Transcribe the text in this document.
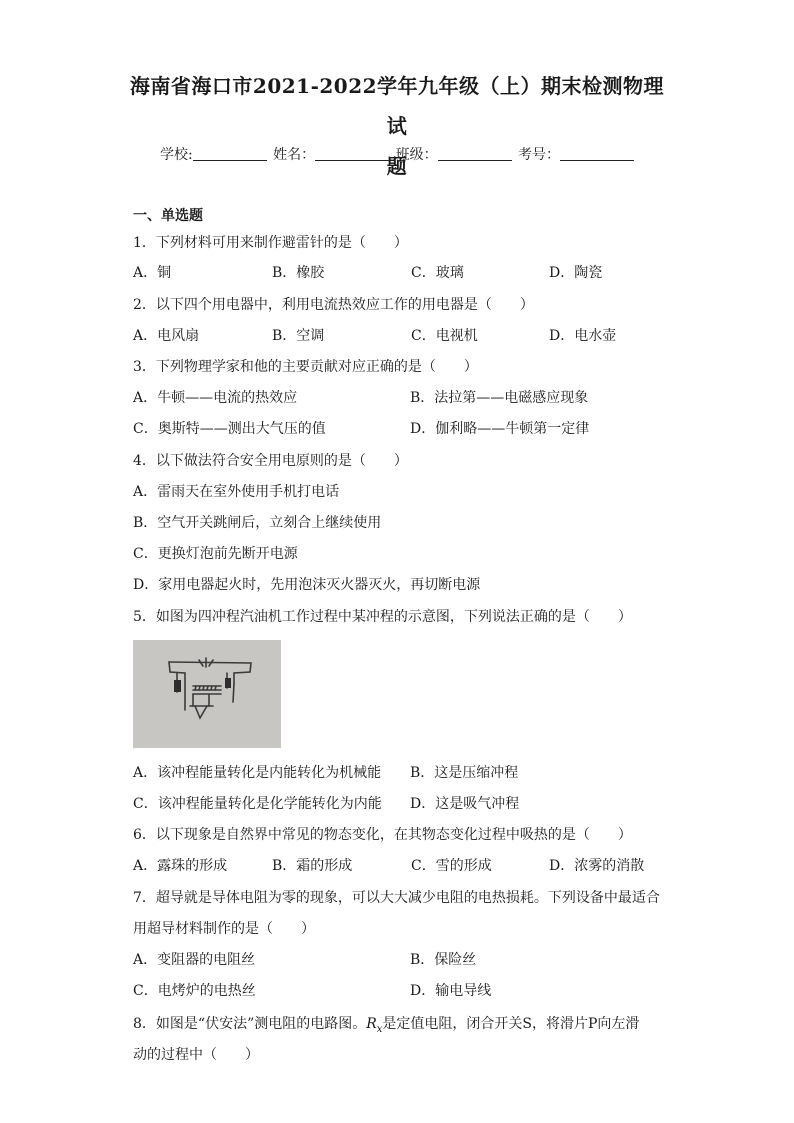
海南省海口市2021-2022学年九年级（上）期末检测物理试
题
学校:	姓名：	班级：	考号：
一、单选题
1．下列材料可用来制作避雷针的是（　　）
A．铜	B．橡胶	C．玻璃	D．陶瓷
2．以下四个用电器中，利用电流热效应工作的用电器是（　　）
A．电风扇	B．空调	C．电视机	D．电水壶
3．下列物理学家和他的主要贡献对应正确的是（　　）
A．牛顿——电流的热效应	B．法拉第——电磁感应现象
C．奥斯特——测出大气压的值	D．伽利略——牛顿第一定律
4．以下做法符合安全用电原则的是（　　）
A．雷雨天在室外使用手机打电话
B．空气开关跳闸后，立刻合上继续使用
C．更换灯泡前先断开电源
D．家用电器起火时，先用泡沫灭火器灭火，再切断电源
5．如图为四冲程汽油机工作过程中某冲程的示意图，下列说法正确的是（　　）
A．该冲程能量转化是内能转化为机械能 B．这是压缩冲程
C．该冲程能量转化是化学能转化为内能 D．这是吸气冲程
6．以下现象是自然界中常见的物态变化，在其物态变化过程中吸热的是（　　）
A．露珠的形成	B．霜的形成	C．雪的形成	D．浓雾的消散
7．超导就是导体电阻为零的现象，可以大大减少电阻的电热损耗。下列设备中最适合
用超导材料制作的是（　　）
A．变阻器的电阻丝	B．保险丝
C．电烤炉的电热丝	D．输电导线
8．如图是“伏安法”测电阻的电路图。$R_x$是定值电阻，闭合开关S，将滑片P向左滑
动的过程中（　　）
